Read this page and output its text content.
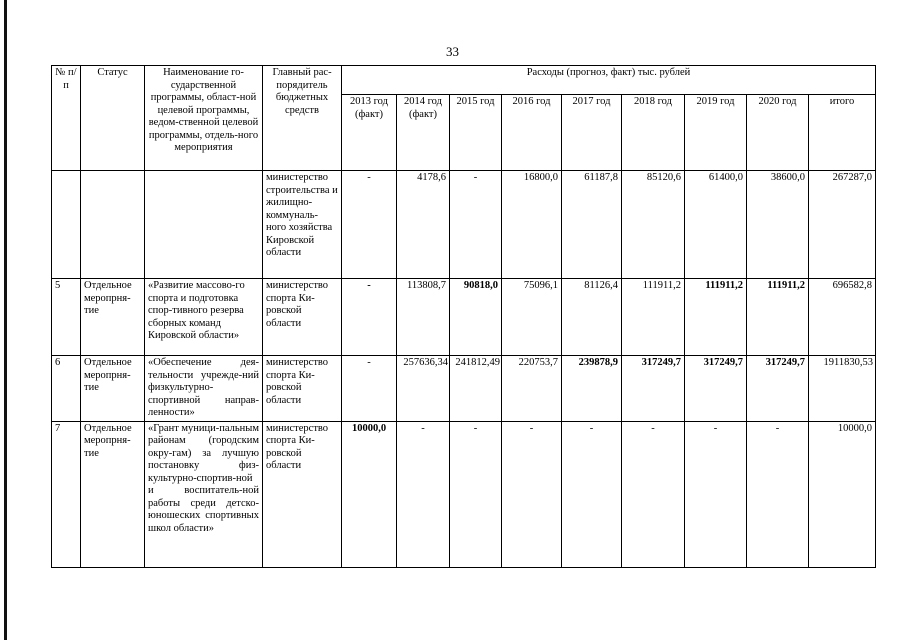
33
№ п/п	Статус	Наименование го-сударственной программы, област-ной целевой программы, ведом-ственной целевой программы, отдель-ного мероприятия	Главный рас-порядитель бюджетных средств	Расходы (прогноз, факт) тыс. рублей								
				2013 год (факт)	2014 год (факт)	2015 год	2016 год	2017 год	2018 год	2019 год	2020 год	итого
			министерство строительства и жилищно-коммуналь-ного хозяйства Кировской области	-	4178,6	-	16800,0	61187,8	85120,6	61400,0	38600,0	267287,0
5	Отдельное меропрня-тие	«Развитие массово-го спорта и подготовка спор-тивного резерва сборных команд Кировской области»	министерство спорта Ки-ровской области	-	113808,7	90818,0	75096,1	81126,4	111911,2	111911,2	111911,2	696582,8
6	Отдельное меропрня-тие	«Обеспечение дея-тельности учрежде-ний физкультурно-спортивной направ-ленности»	министерство спорта Ки-ровской области	-	257636,34	241812,49	220753,7	239878,9	317249,7	317249,7	317249,7	1911830,53
7	Отдельное меропрня-тие	«Грант муници-пальным районам (городским окру-гам) за лучшую постановку физ-культурно-спортив-ной и воспитатель-ной работы среди детско-юношеских спортивных школ области»	министерство спорта Ки-ровской области	10000,0	-	-	-	-	-	-	-	10000,0
